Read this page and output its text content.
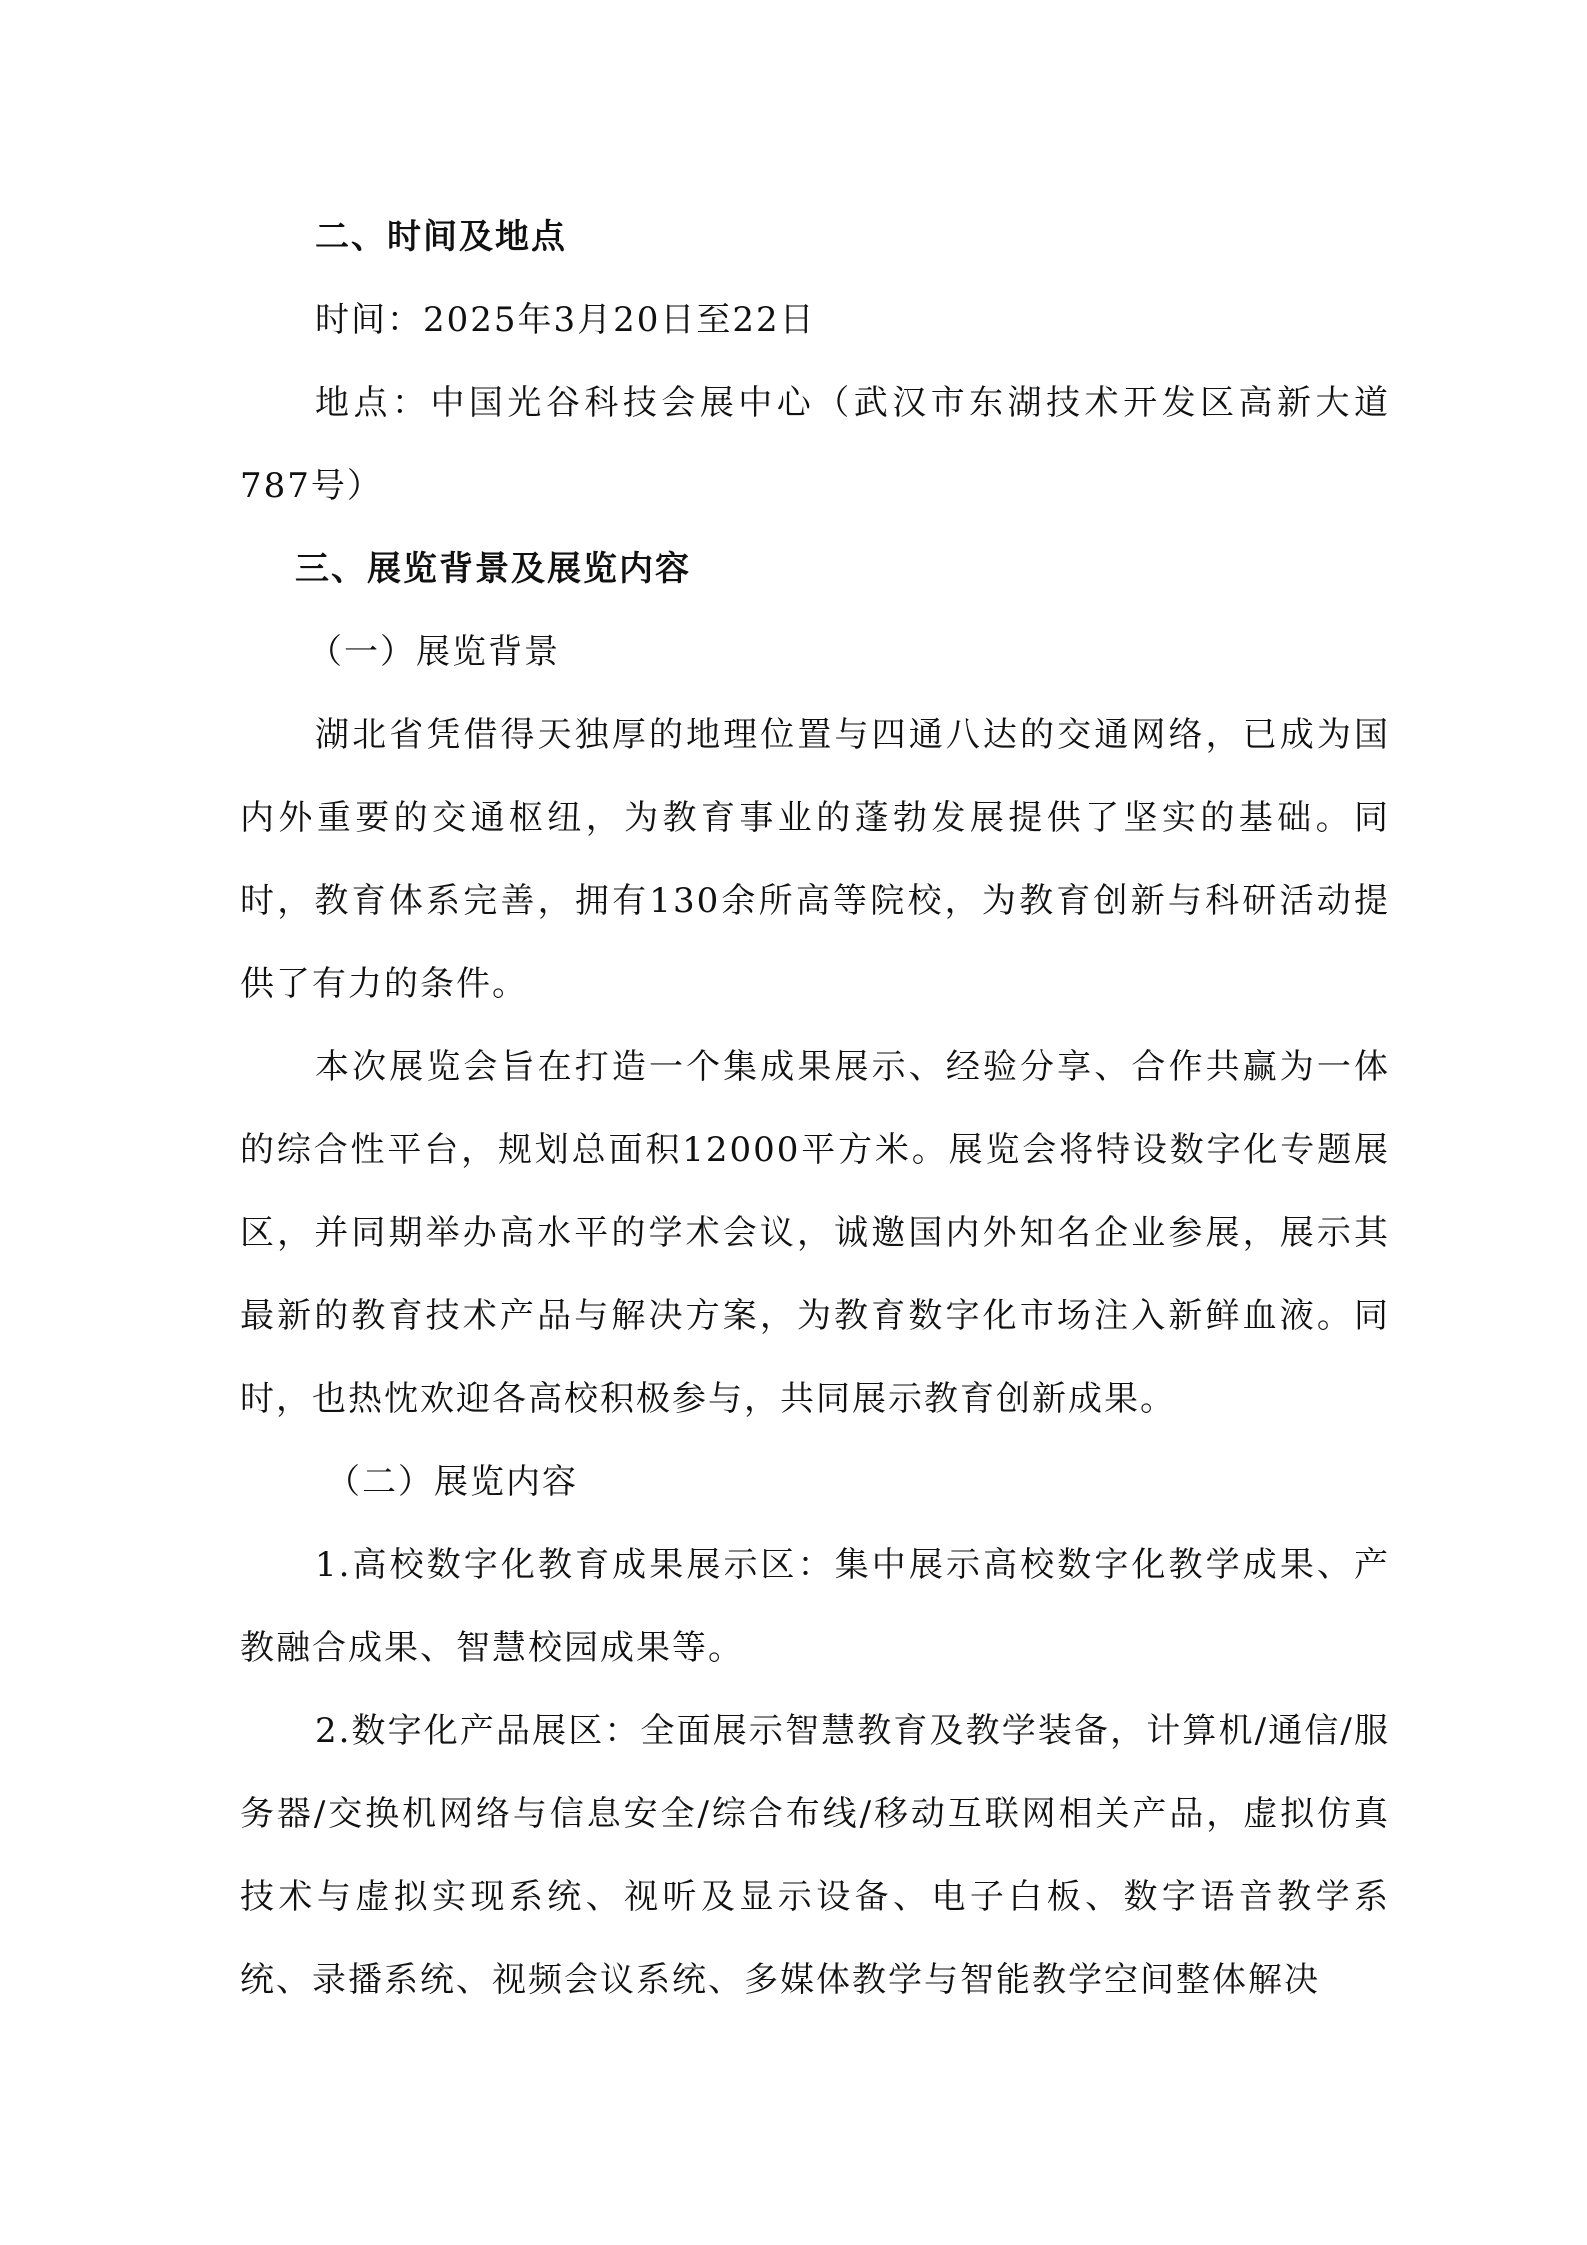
二、时间及地点

时间：2025年3月20日至22日

地点：中国光谷科技会展中心（武汉市东湖技术开发区高新大道787号）

三、展览背景及展览内容

（一）展览背景

湖北省凭借得天独厚的地理位置与四通八达的交通网络，已成为国内外重要的交通枢纽，为教育事业的蓬勃发展提供了坚实的基础。同时，教育体系完善，拥有130余所高等院校，为教育创新与科研活动提供了有力的条件。

本次展览会旨在打造一个集成果展示、经验分享、合作共赢为一体的综合性平台，规划总面积12000平方米。展览会将特设数字化专题展区，并同期举办高水平的学术会议，诚邀国内外知名企业参展，展示其最新的教育技术产品与解决方案，为教育数字化市场注入新鲜血液。同时，也热忱欢迎各高校积极参与，共同展示教育创新成果。

（二）展览内容

1.高校数字化教育成果展示区：集中展示高校数字化教学成果、产教融合成果、智慧校园成果等。

2.数字化产品展区：全面展示智慧教育及教学装备，计算机/通信/服务器/交换机网络与信息安全/综合布线/移动互联网相关产品，虚拟仿真技术与虚拟实现系统、视听及显示设备、电子白板、数字语音教学系统、录播系统、视频会议系统、多媒体教学与智能教学空间整体解决
